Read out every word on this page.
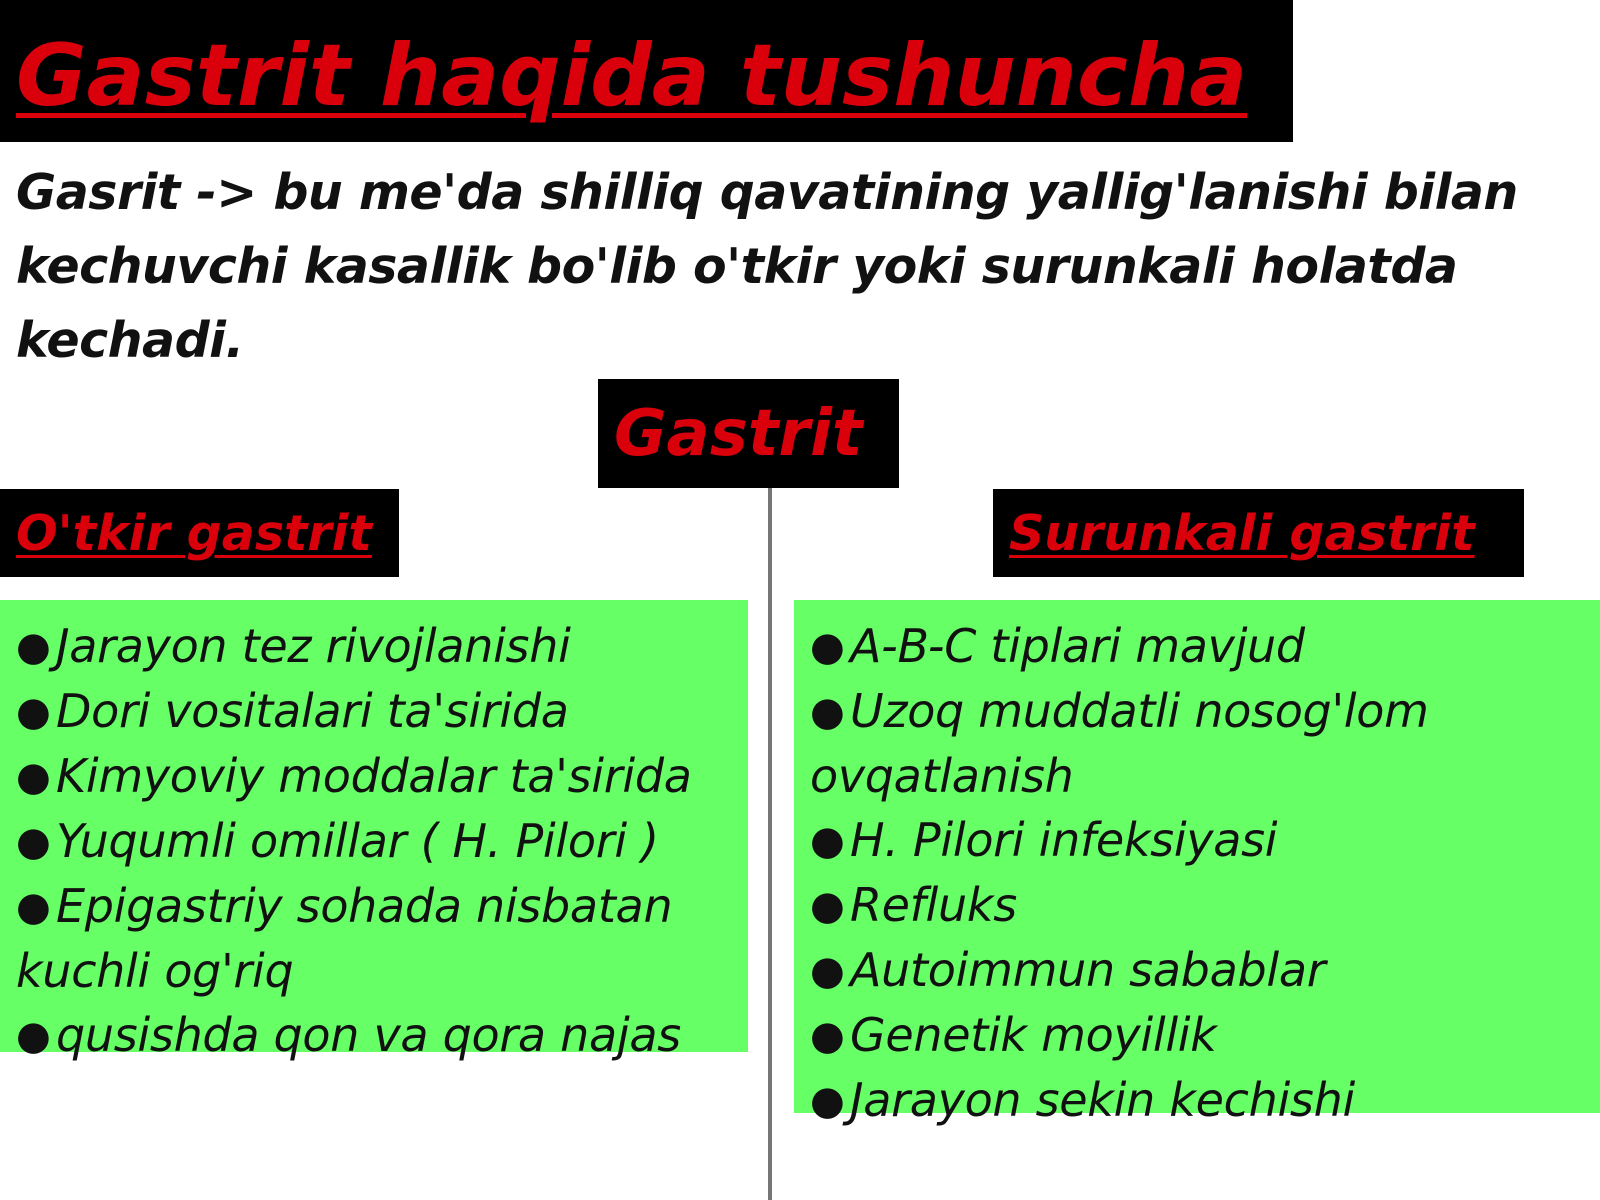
Gastrit haqida tushuncha
Gasrit -> bu me'da shilliq qavatining yallig'lanishi bilan kechuvchi kasallik bo'lib o'tkir yoki surunkali holatda kechadi.
Gastrit
O'tkir gastrit	Surunkali gastrit
● Jarayon tez rivojlanishi
● Dori vositalari ta'sirida
● Kimyoviy moddalar ta'sirida
● Yuqumli omillar ( H. Pilori )
● Epigastriy sohada nisbatan kuchli og'riq
● qusishda qon va qora najas
● A-B-C tiplari mavjud
● Uzoq muddatli nosog'lom ovqatlanish
● H. Pilori infeksiyasi
● Refluks
● Autoimmun sabablar
● Genetik moyillik
● Jarayon sekin kechishi
